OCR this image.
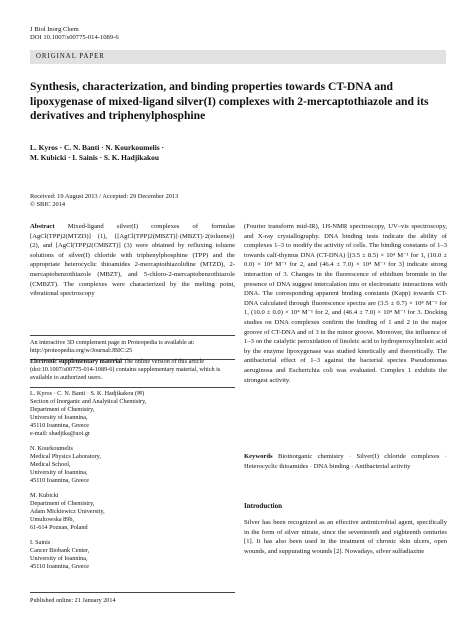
J Biol Inorg Chem
DOI 10.1007/s00775-014-1089-6
ORIGINAL PAPER
Synthesis, characterization, and binding properties towards CT-DNA and lipoxygenase of mixed-ligand silver(I) complexes with 2-mercaptothiazole and its derivatives and triphenylphosphine
L. Kyros · C. N. Banti · N. Kourkoumelis ·
M. Kubicki · I. Sainis · S. K. Hadjikakou
Received: 19 August 2013 / Accepted: 29 December 2013
© SBIC 2014

Abstract Mixed-ligand silver(I) complexes of formulae [AgCl(TPP)2(MTZD)] (1), {[AgCl(TPP)2(MBZT)]·(MBZT)·2(toluene)} (2), and [AgCl(TPP)2(CMBZT)] (3) were obtained by refluxing toluene solutions of silver(I) chloride with triphenylphosphine (TPP) and the appropriate heterocyclic thioamides 2-mercaptothiazolidine (MTZD), 2-mercaptobenzothiazole (MBZT), and 5-chloro-2-mercaptobenzothiazole (CMBZT). The complexes were characterized by the melting point, vibrational spectroscopy

An interactive 3D complement page in Proteopedia is available at:
http://proteopedia.org/w/Journal:JBIC:25
Electronic supplementary material The online version of this article (doi:10.1007/s00775-014-1089-6) contains supplementary material, which is available to authorized users.
L. Kyros · C. N. Banti · S. K. Hadjikakou (✉)
Section of Inorganic and Analytical Chemistry,
Department of Chemistry,
University of Ioannina,
45110 Ioannina, Greece
e-mail: shadjika@uoi.gr
N. Kourkoumelis
Medical Physics Laboratory,
Medical School,
University of Ioannina,
45110 Ioannina, Greece
M. Kubicki
Department of Chemistry,
Adam Mickiewicz University,
Umultowska 89b,
61-614 Poznan, Poland
I. Sainis
Cancer Biobank Center,
University of Ioannina,
45110 Ioannina, Greece
Published online: 21 January 2014

(Fourier transform mid-IR), 1H-NMR spectroscopy, UV–vis spectroscopy, and X-ray crystallography. DNA binding tests indicate the ability of complexes 1–3 to modify the activity of cells. The binding constants of 1–3 towards calf-thymus DNA (CT-DNA) [(3.5 ± 8.5) × 10⁴ M⁻¹ for 1, (10.0 ± 0.0) × 10⁴ M⁻¹ for 2, and (46.4 ± 7.0) × 10⁴ M⁻¹ for 3] indicate strong interaction of 3. Changes in the fluorescence of ethidium bromide in the presence of DNA suggest intercalation into or electrostatic interactions with DNA. The corresponding apparent binding constants (Kapp) towards CT-DNA calculated through fluorescence spectra are (3.5 ± 0.7) × 10⁴ M⁻¹ for 1, (10.0 ± 0.0) × 10⁴ M⁻¹ for 2, and (46.4 ± 7.0) × 10⁴ M⁻¹ for 3. Docking studies on DNA complexes confirm the binding of 1 and 2 in the major groove of CT-DNA and of 3 in the minor groove. Moreover, the influence of 1–3 on the catalytic peroxidation of linoleic acid to hydroperoxylinoleic acid by the enzyme lipoxygenase was studied kinetically and theoretically. The antibacterial effect of 1–3 against the bacterial species Pseudomonas aeruginosa and Escherichia coli was evaluated. Complex 1 exhibits the strongest activity.

Keywords Bioinorganic chemistry · Silver(I) chloride complexes · Heterocyclic thioamides · DNA binding · Antibacterial activity
Introduction
Silver has been recognized as an effective antimicrobial agent, specifically in the form of silver nitrate, since the seventeenth and eighteenth centuries [1]. It has also been used in the treatment of chronic skin ulcers, open wounds, and suppurating wounds [2]. Nowadays, silver sulfadiazine
